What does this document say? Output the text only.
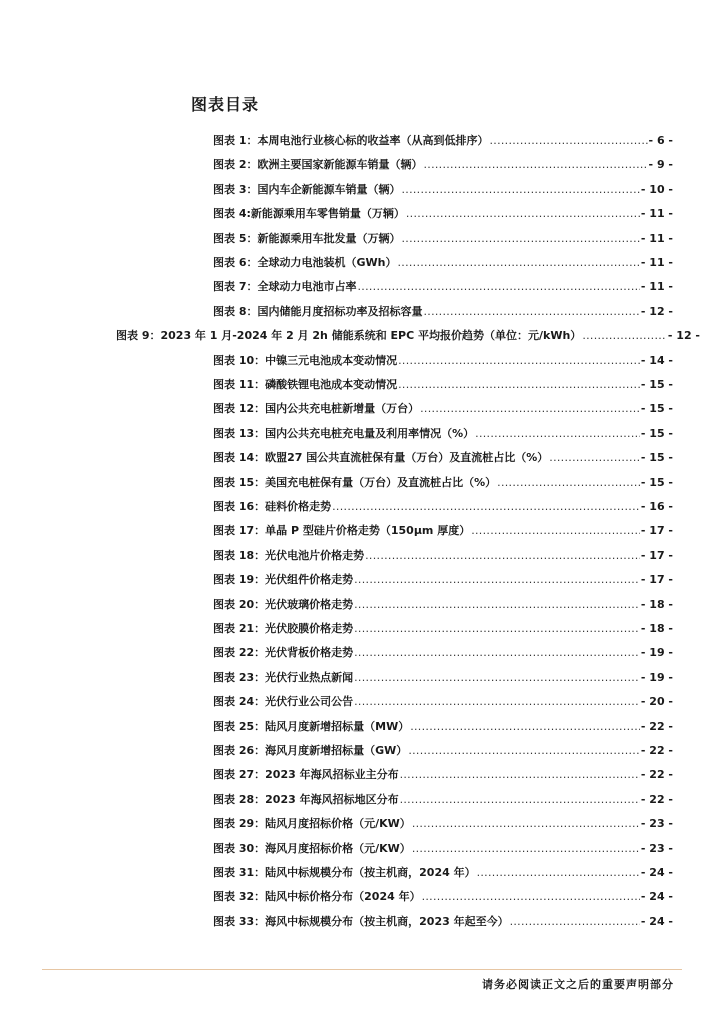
图表目录
图表 1：本周电池行业核心标的收益率（从高到低排序） .....	- 6 -
图表 2：欧洲主要国家新能源车销量（辆） .....	- 9 -
图表 3：国内车企新能源车销量（辆） .....	- 10 -
图表 4:新能源乘用车零售销量（万辆） .....	- 11 -
图表 5：新能源乘用车批发量（万辆） .....	- 11 -
图表 6：全球动力电池装机（GWh） .....	- 11 -
图表 7：全球动力电池市占率 .....	- 11 -
图表 8：国内储能月度招标功率及招标容量 .....	- 12 -
图表 9：2023 年 1 月-2024 年 2 月 2h 储能系统和 EPC 平均报价趋势（单位：元/kWh） .....	- 12 -
图表 10：中镍三元电池成本变动情况 .....	- 14 -
图表 11：磷酸铁锂电池成本变动情况 .....	- 15 -
图表 12：国内公共充电桩新增量（万台） .....	- 15 -
图表 13：国内公共充电桩充电量及利用率情况（%） .....	- 15 -
图表 14：欧盟27 国公共直流桩保有量（万台）及直流桩占比（%） .....	- 15 -
图表 15：美国充电桩保有量（万台）及直流桩占比（%） .....	- 15 -
图表 16：硅料价格走势 .....	- 16 -
图表 17：单晶 P 型硅片价格走势（150μm 厚度） .....	- 17 -
图表 18：光伏电池片价格走势 .....	- 17 -
图表 19：光伏组件价格走势 .....	- 17 -
图表 20：光伏玻璃价格走势 .....	- 18 -
图表 21：光伏胶膜价格走势 .....	- 18 -
图表 22：光伏背板价格走势 .....	- 19 -
图表 23：光伏行业热点新闻 .....	- 19 -
图表 24：光伏行业公司公告 .....	- 20 -
图表 25：陆风月度新增招标量（MW） .....	- 22 -
图表 26：海风月度新增招标量（GW） .....	- 22 -
图表 27：2023 年海风招标业主分布 .....	- 22 -
图表 28：2023 年海风招标地区分布 .....	- 22 -
图表 29：陆风月度招标价格（元/KW） .....	- 23 -
图表 30：海风月度招标价格（元/KW） .....	- 23 -
图表 31：陆风中标规模分布（按主机商，2024 年） .....	- 24 -
图表 32：陆风中标价格分布（2024 年） .....	- 24 -
图表 33：海风中标规模分布（按主机商，2023 年起至今） .....	- 24 -
请务必阅读正文之后的重要声明部分
